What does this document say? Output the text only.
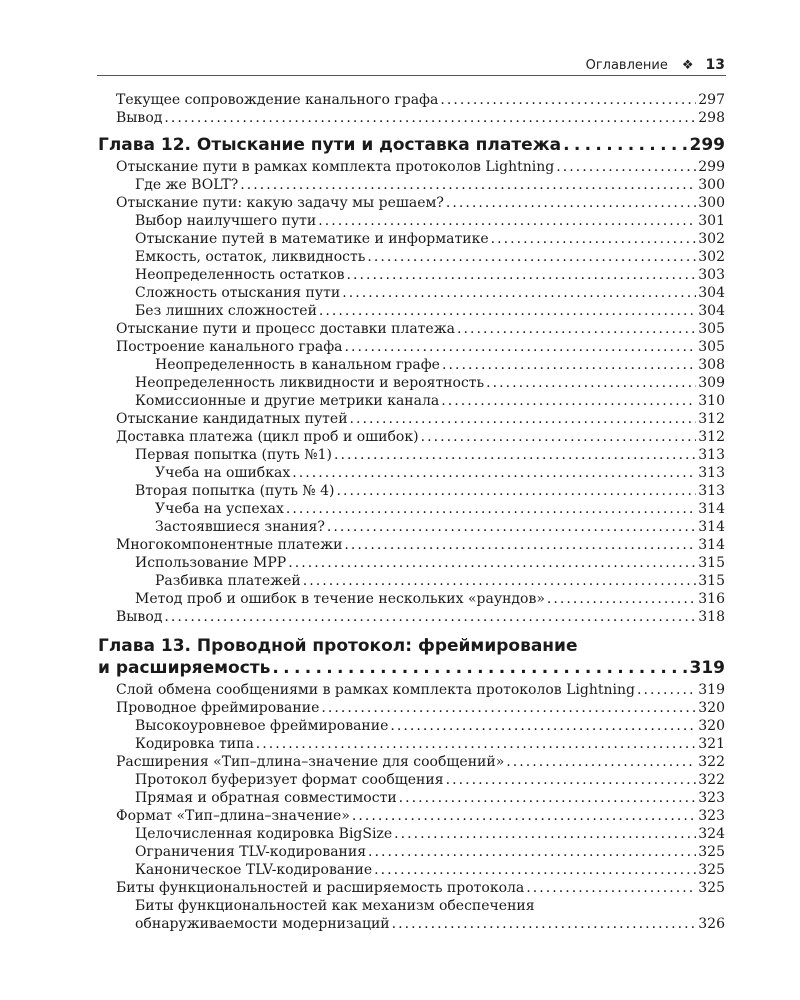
Оглавление ❖ 13
Текущее сопровождение канального графа . . .	297
Вывод . . .	298
Глава 12. Отыскание пути и доставка платежа . . .	299
Отыскание пути в рамках комплекта протоколов Lightning . . .	299
Где же BOLT? . . .	300
Отыскание пути: какую задачу мы решаем? . . .	300
Выбор наилучшего пути . . .	301
Отыскание путей в математике и информатике . . .	302
Емкость, остаток, ликвидность . . .	302
Неопределенность остатков . . .	303
Сложность отыскания пути . . .	304
Без лишних сложностей . . .	304
Отыскание пути и процесс доставки платежа . . .	305
Построение канального графа . . .	305
Неопределенность в канальном графе . . .	308
Неопределенность ликвидности и вероятность . . .	309
Комиссионные и другие метрики канала . . .	310
Отыскание кандидатных путей . . .	312
Доставка платежа (цикл проб и ошибок) . . .	312
Первая попытка (путь №1) . . .	313
Учеба на ошибках . . .	313
Вторая попытка (путь № 4) . . .	313
Учеба на успехах . . .	314
Застоявшиеся знания? . . .	314
Многокомпонентные платежи . . .	314
Использование MPP . . .	315
Разбивка платежей . . .	315
Метод проб и ошибок в течение нескольких «раундов» . . .	316
Вывод . . .	318
Глава 13. Проводной протокол: фреймирование
и расширяемость . . .	319
Слой обмена сообщениями в рамках комплекта протоколов Lightning . . .	319
Проводное фреймирование . . .	320
Высокоуровневое фреймирование . . .	320
Кодировка типа . . .	321
Расширения «Тип–длина–значение для сообщений» . . .	322
Протокол буферизует формат сообщения . . .	322
Прямая и обратная совместимости . . .	323
Формат «Тип–длина–значение» . . .	323
Целочисленная кодировка BigSize . . .	324
Ограничения TLV-кодирования . . .	325
Каноническое TLV-кодирование . . .	325
Биты функциональностей и расширяемость протокола . . .	325
Биты функциональностей как механизм обеспечения
обнаруживаемости модернизаций . . .	326
